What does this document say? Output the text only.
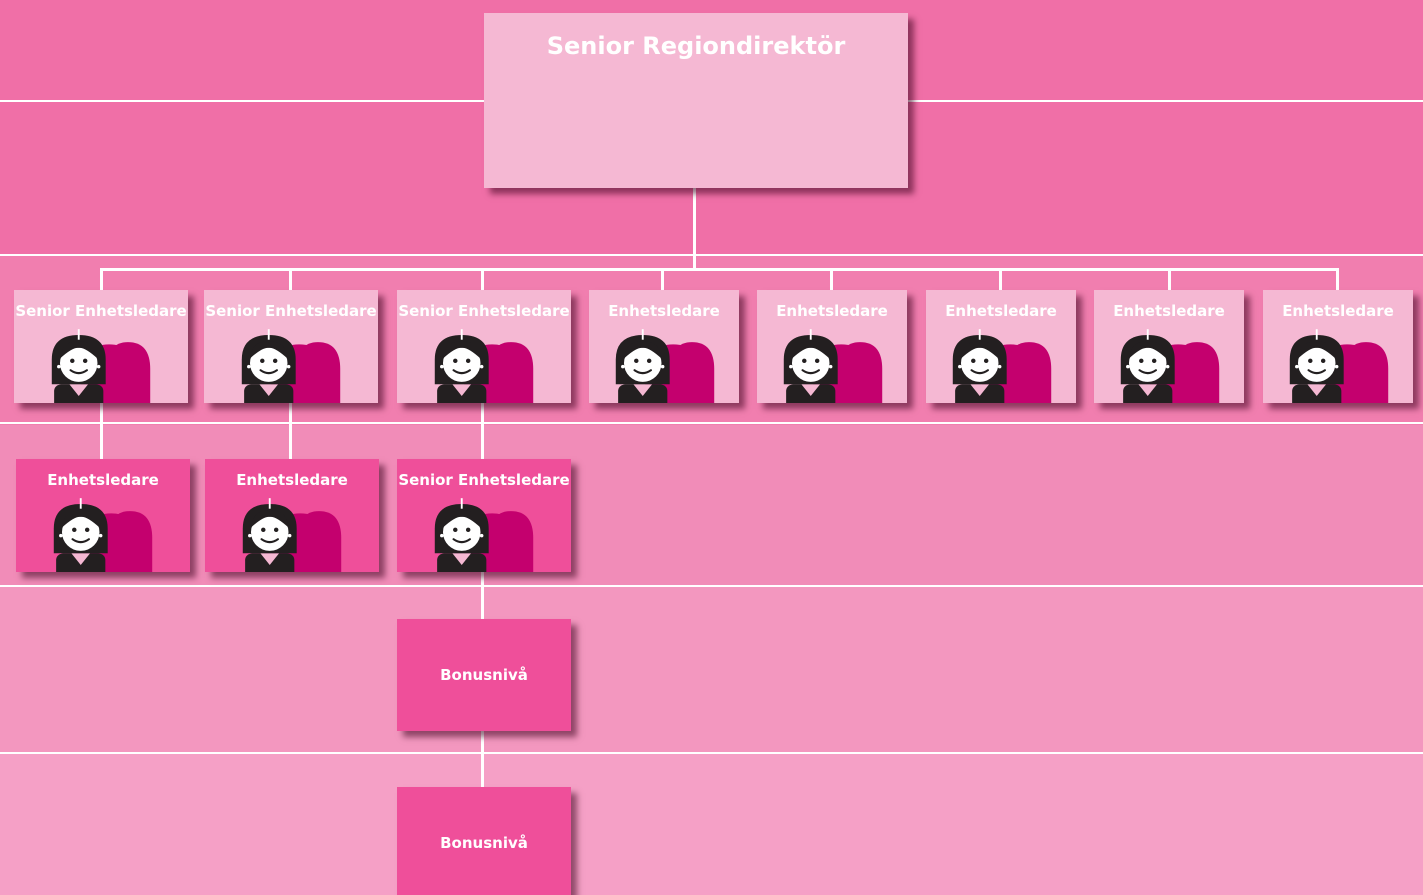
Senior Regiondirektör
Senior Enhetsledare Senior Enhetsledare Senior Enhetsledare	Enhetsledare	Enhetsledare	Enhetsledare	Enhetsledare	Enhetsledare
Enhetsledare	Enhetsledare	Senior Enhetsledare
Bonusnivå
Bonusnivå
